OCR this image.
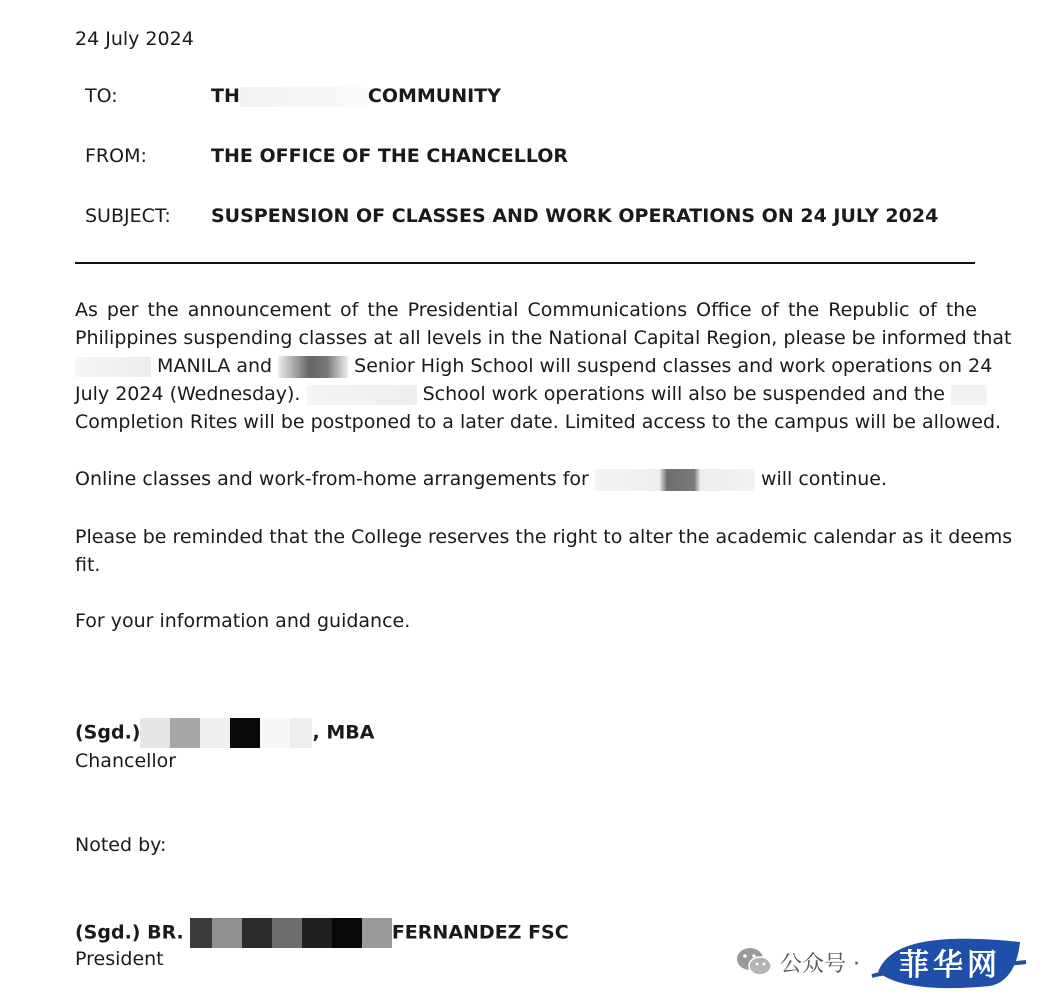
24 July 2024
TO:	TH	COMMUNITY
FROM:	THE OFFICE OF THE CHANCELLOR
SUBJECT: SUSPENSION OF CLASSES AND WORK OPERATIONS ON 24 JULY 2024
As per the announcement of the Presidential Communications Office of the Republic of the
Philippines suspending classes at all levels in the National Capital Region, please be informed that
MANILA and	Senior High School will suspend classes and work operations on 24
July 2024 (Wednesday).	School work operations will also be suspended and the
Completion Rites will be postponed to a later date. Limited access to the campus will be allowed.
Online classes and work-from-home arrangements for	will continue.
Please be reminded that the College reserves the right to alter the academic calendar as it deems
fit.
For your information and guidance.
(Sgd.)	, MBA
Chancellor
Noted by:
(Sgd.) BR.	FERNANDEZ FSC
President	公众号 ·	菲华网
